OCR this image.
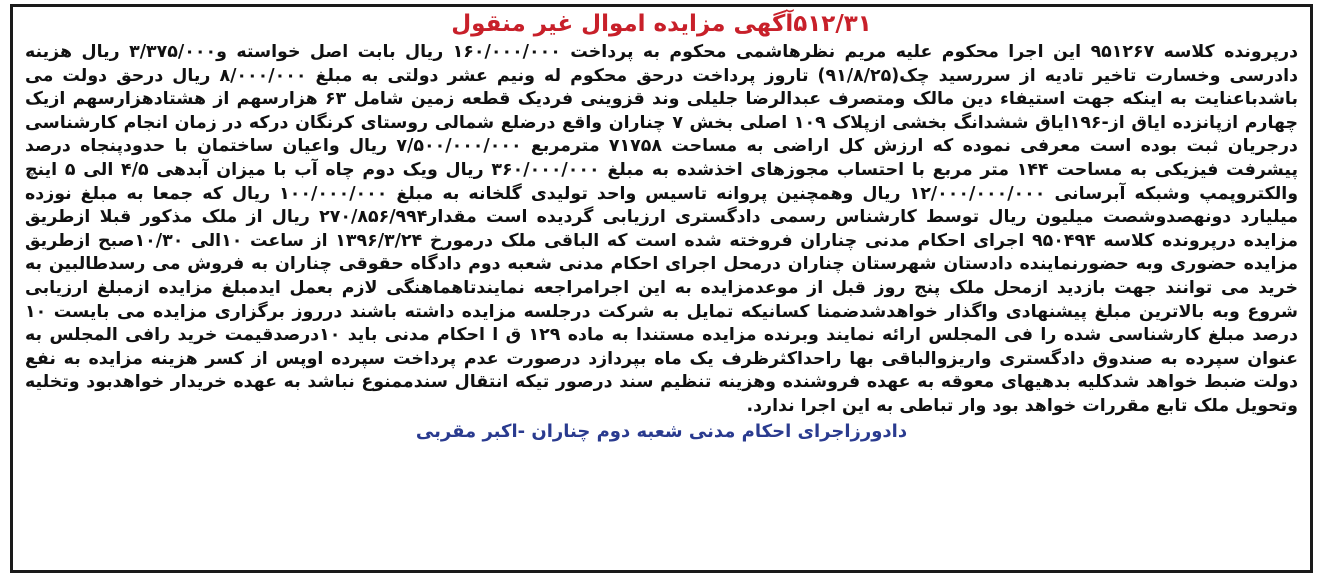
۵۱۲/۳۱آگهی مزایده اموال غیر منقول

درپرونده کلاسه ۹۵۱۲۶۷ این اجرا محکوم علیه مریم نظرهاشمی محکوم به پرداخت ۱۶۰/۰۰۰/۰۰۰ ریال بابت اصل خواسته و۳/۳۷۵/۰۰۰ ریال هزینه دادرسی وخسارت تاخیر تادیه از سررسید چک(۹۱/۸/۲۵) تاروز پرداخت درحق محکوم له ونیم عشر دولتی به مبلغ ۸/۰۰۰/۰۰۰ ریال درحق دولت می باشدباعنایت به اینکه جهت استیفاء دین مالک ومتصرف عبدالرضا جلیلی وند قزوینی فردیک قطعه زمین شامل ۶۳ هزارسهم از هشتادهزارسهم ازیک چهارم ازپانزده ایاق از-۱۹۶ایاق ششدانگ بخشی ازپلاک ۱۰۹ اصلی بخش ۷ چناران واقع درضلع شمالی روستای کرنگان درکه در زمان انجام کارشناسی درجریان ثبت بوده است معرفی نموده که ارزش کل اراضی به مساحت ۷۱۷۵۸ مترمربع ۷/۵۰۰/۰۰۰/۰۰۰ ریال واعیان ساختمان با حدودپنجاه درصد پیشرفت فیزیکی به مساحت ۱۴۴ متر مربع با احتساب مجوزهای اخذشده به مبلغ ۳۶۰/۰۰۰/۰۰۰ ریال ویک دوم چاه آب با میزان آبدهی ۴/۵ الی ۵ اینچ والکتروپمپ وشبکه آبرسانی ۱۲/۰۰۰/۰۰۰/۰۰۰ ریال وهمچنین پروانه تاسیس واحد تولیدی گلخانه به مبلغ ۱۰۰/۰۰۰/۰۰۰ ریال که جمعا به مبلغ نوزده میلیارد دونهصدوشصت میلیون ریال توسط کارشناس رسمی دادگستری ارزیابی گردیده است مقدار۲۷۰/۸۵۶/۹۹۴ ریال از ملک مذکور قبلا ازطریق مزایده درپرونده کلاسه ۹۵۰۴۹۴ اجرای احکام مدنی چناران فروخته شده است که الباقی ملک درمورخ ۱۳۹۶/۳/۲۴ از ساعت ۱۰الی ۱۰/۳۰صبح ازطریق مزایده حضوری وبه حضورنماینده دادستان شهرستان چناران درمحل اجرای احکام مدنی شعبه دوم دادگاه حقوقی چناران به فروش می رسدطالبین به خرید می توانند جهت بازدید ازمحل ملک پنج روز قبل از موعدمزایده به این اجرامراجعه نمایندتاهماهنگی لازم بعمل ایدمبلغ مزایده ازمبلغ ارزیابی شروع وبه بالاترین مبلغ پیشنهادی واگذار خواهدشدضمنا کسانیکه تمایل به شرکت درجلسه مزایده داشته باشند درروز برگزاری مزایده می بایست ۱۰ درصد مبلغ کارشناسی شده را فی المجلس ارائه نمایند وبرنده مزایده مستندا به ماده ۱۲۹ ق ا احکام مدنی باید ۱۰درصدقیمت خرید رافی المجلس به عنوان سپرده به صندوق دادگستری واریزوالباقی بها راحداکثرظرف یک ماه بپردازد درصورت عدم پرداخت سپرده اوپس از کسر هزینه مزایده به نفع دولت ضبط خواهد شدکلیه بدهیهای معوقه به عهده فروشنده وهزینه تنظیم سند درصور تیکه انتقال سندممنوع نباشد به عهده خریدار خواهدبود وتخلیه وتحویل ملک تابع مقررات خواهد بود وار تباطی به این اجرا ندارد.

دادورزاجرای احکام مدنی شعبه دوم چناران -اکبر مقربی
